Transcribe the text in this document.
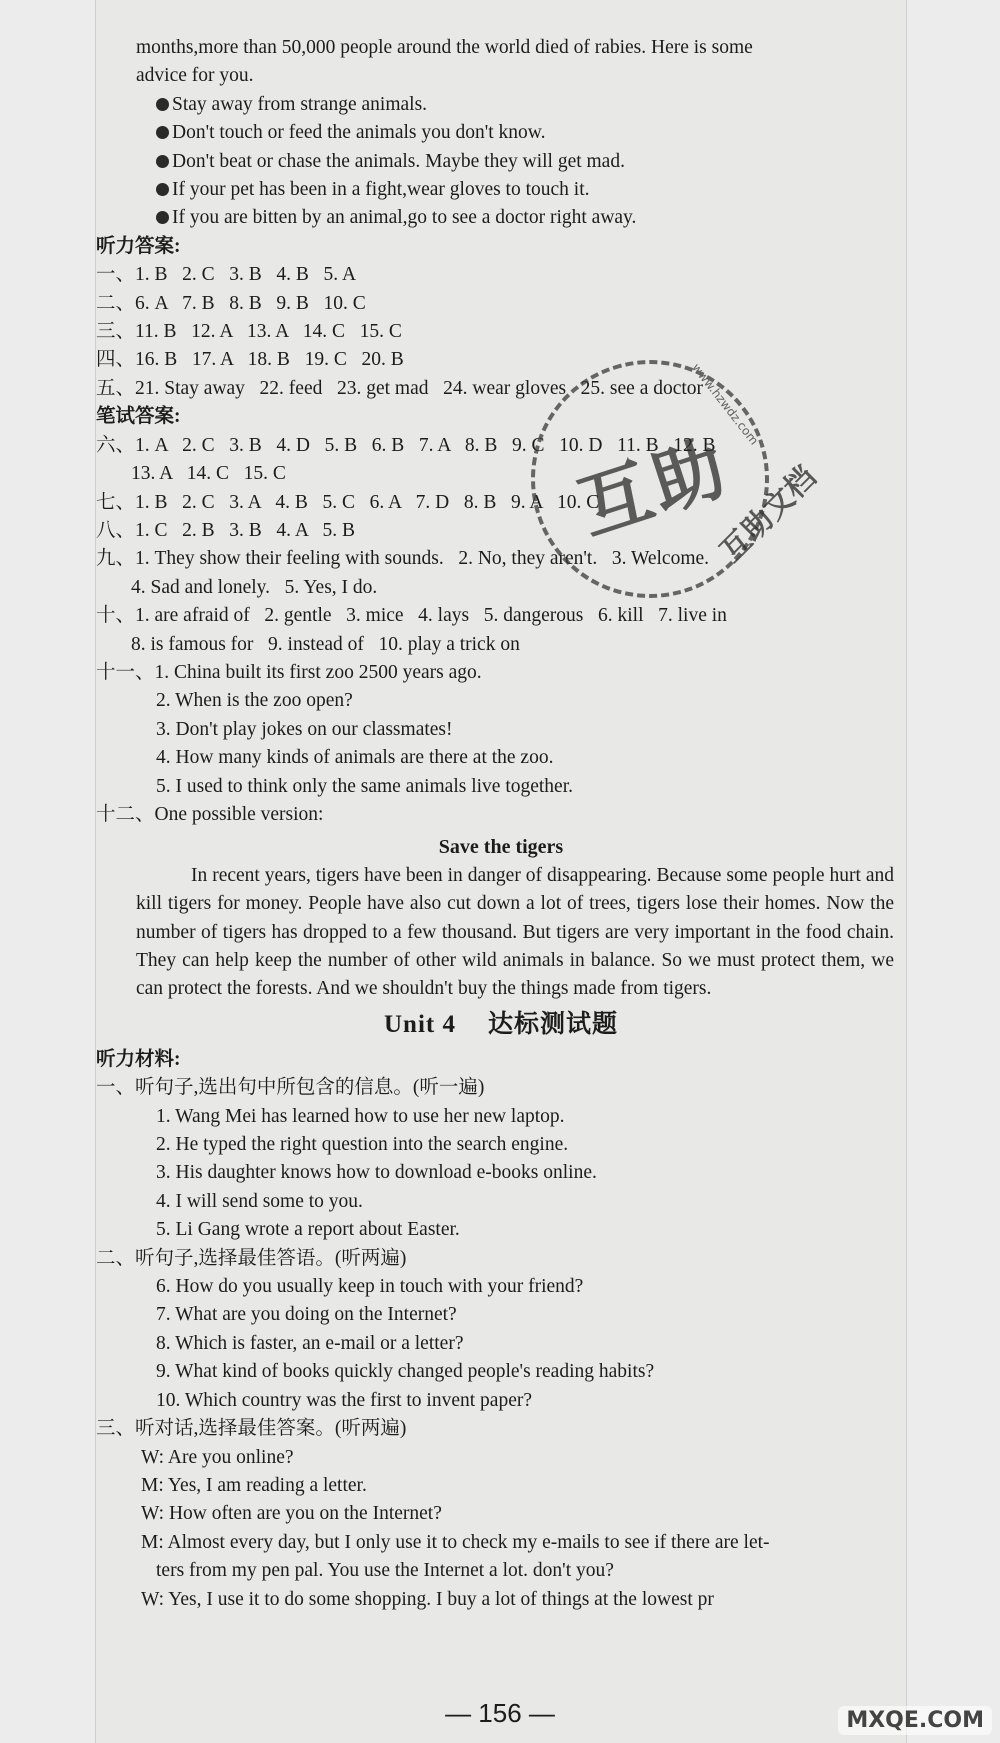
months,more than 50,000 people around the world died of rabies. Here is some

advice for you.

Stay away from strange animals.

Don't touch or feed the animals you don't know.

Don't beat or chase the animals. Maybe they will get mad.

If your pet has been in a fight,wear gloves to touch it.

If you are bitten by an animal,go to see a doctor right away.

听力答案:

一、1. B   2. C   3. B   4. B   5. A

二、6. A   7. B   8. B   9. B   10. C

三、11. B   12. A   13. A   14. C   15. C

四、16. B   17. A   18. B   19. C   20. B

五、21. Stay away   22. feed   23. get mad   24. wear gloves   25. see a doctor

笔试答案:

六、1. A   2. C   3. B   4. D   5. B   6. B   7. A   8. B   9. C   10. D   11. B   12. B

13. A   14. C   15. C

七、1. B   2. C   3. A   4. B   5. C   6. A   7. D   8. B   9. A   10. C

八、1. C   2. B   3. B   4. A   5. B

九、1. They show their feeling with sounds.   2. No, they aren't.   3. Welcome.

4. Sad and lonely.   5. Yes, I do.

十、1. are afraid of   2. gentle   3. mice   4. lays   5. dangerous   6. kill   7. live in

8. is famous for   9. instead of   10. play a trick on

十一、1. China built its first zoo 2500 years ago.

2. When is the zoo open?

3. Don't play jokes on our classmates!

4. How many kinds of animals are there at the zoo.

5. I used to think only the same animals live together.

十二、One possible version:

Save the tigers

In recent years, tigers have been in danger of disappearing. Because some people hurt and kill tigers for money. People have also cut down a lot of trees, tigers lose their homes. Now the number of tigers has dropped to a few thousand. But tigers are very important in the food chain. They can help keep the number of other wild animals in balance. So we must protect them, we can protect the forests. And we shouldn't buy the things made from tigers.

Unit 4 达标测试题

听力材料:

一、听句子,选出句中所包含的信息。(听一遍)

1. Wang Mei has learned how to use her new laptop.

2. He typed the right question into the search engine.

3. His daughter knows how to download e-books online.

4. I will send some to you.

5. Li Gang wrote a report about Easter.

二、听句子,选择最佳答语。(听两遍)

6. How do you usually keep in touch with your friend?

7. What are you doing on the Internet?

8. Which is faster, an e-mail or a letter?

9. What kind of books quickly changed people's reading habits?

10. Which country was the first to invent paper?

三、听对话,选择最佳答案。(听两遍)

W: Are you online?

M: Yes, I am reading a letter.

W: How often are you on the Internet?

M: Almost every day, but I only use it to check my e-mails to see if there are let-

ters from my pen pal. You use the Internet a lot. don't you?

W: Yes, I use it to do some shopping. I buy a lot of things at the lowest pr

互助
www.hzwdz.com
互助文档
— 156 —	MXQE.COM
